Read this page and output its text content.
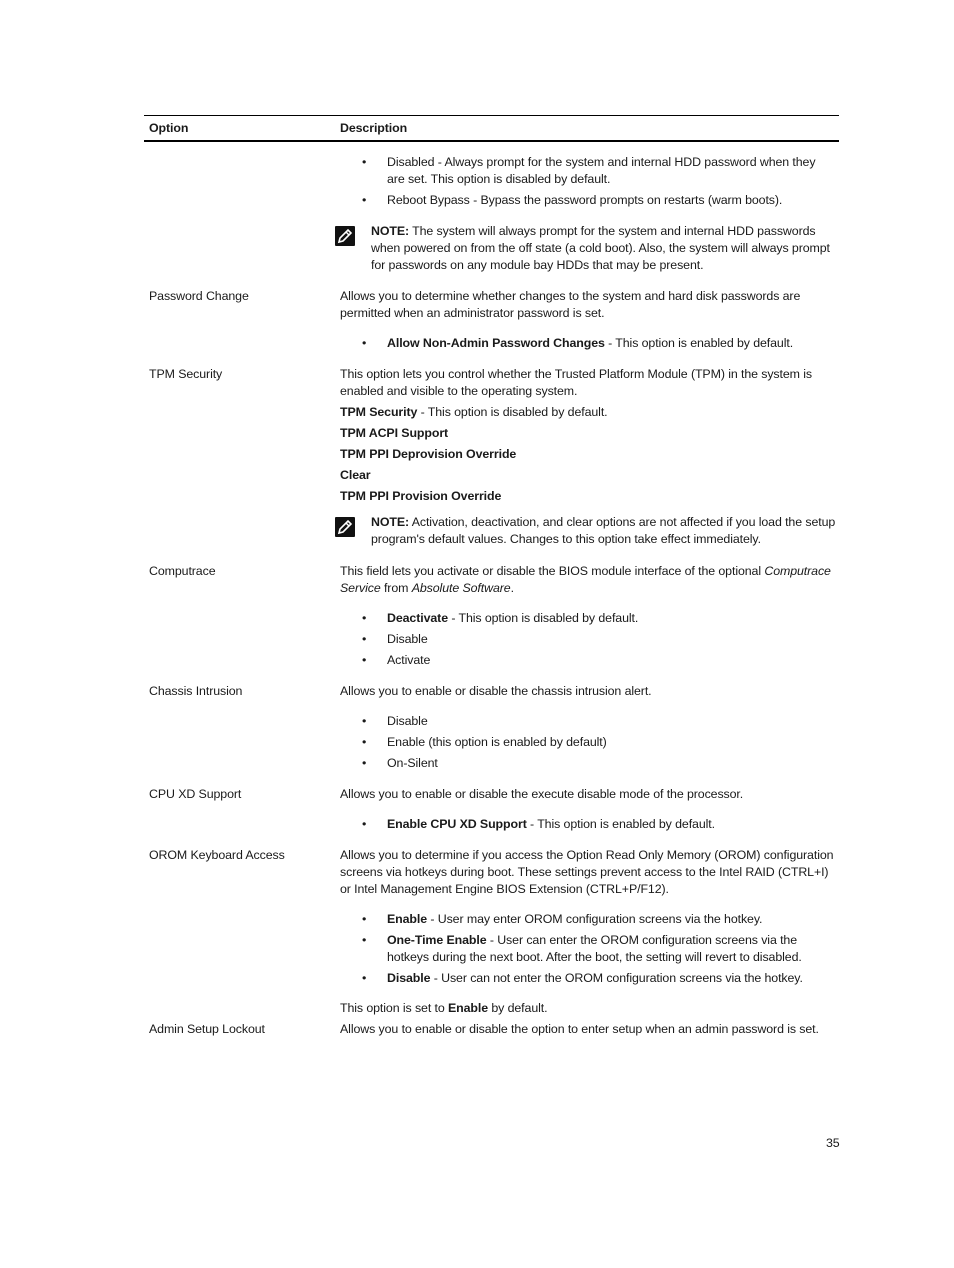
Option	Description
• Disabled - Always prompt for the system and internal HDD password when they are set. This option is disabled by default.
• Reboot Bypass - Bypass the password prompts on restarts (warm boots).

NOTE: The system will always prompt for the system and internal HDD passwords when powered on from the off state (a cold boot). Also, the system will always prompt for passwords on any module bay HDDs that may be present.

Password Change	Allows you to determine whether changes to the system and hard disk passwords are permitted when an administrator password is set.

• Allow Non-Admin Password Changes - This option is enabled by default.
TPM Security	This option lets you control whether the Trusted Platform Module (TPM) in the system is enabled and visible to the operating system.

TPM Security - This option is disabled by default.

TPM ACPI Support

TPM PPI Deprovision Override

Clear

TPM PPI Provision Override

NOTE: Activation, deactivation, and clear options are not affected if you load the setup program's default values. Changes to this option take effect immediately.

Computrace	This field lets you activate or disable the BIOS module interface of the optional Computrace Service from Absolute Software.

• Deactivate - This option is disabled by default.
• Disable
• Activate
Chassis Intrusion	Allows you to enable or disable the chassis intrusion alert.

• Disable
• Enable (this option is enabled by default)
• On-Silent
CPU XD Support	Allows you to enable or disable the execute disable mode of the processor.

• Enable CPU XD Support - This option is enabled by default.
OROM Keyboard Access	Allows you to determine if you access the Option Read Only Memory (OROM) configuration screens via hotkeys during boot. These settings prevent access to the Intel RAID (CTRL+I) or Intel Management Engine BIOS Extension (CTRL+P/F12).

• Enable - User may enter OROM configuration screens via the hotkey.
• One-Time Enable - User can enter the OROM configuration screens via the hotkeys during the next boot. After the boot, the setting will revert to disabled.
• Disable - User can not enter the OROM configuration screens via the hotkey.

This option is set to Enable by default.

Admin Setup Lockout	Allows you to enable or disable the option to enter setup when an admin password is set.

35
